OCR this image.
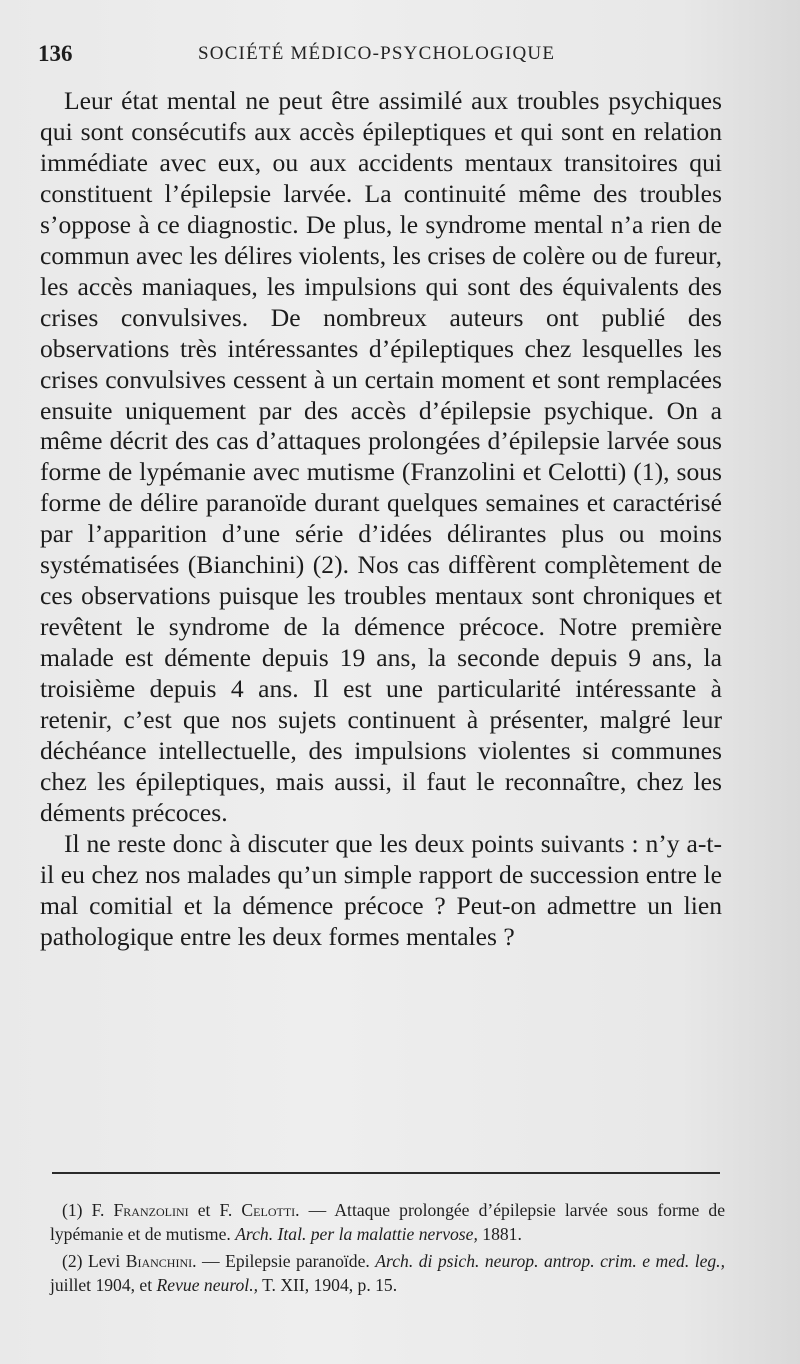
136	SOCIÉTÉ MÉDICO-PSYCHOLOGIQUE

Leur état mental ne peut être assimilé aux troubles psychiques qui sont consécutifs aux accès épileptiques et qui sont en relation immédiate avec eux, ou aux accidents mentaux transitoires qui constituent l’épilepsie larvée. La continuité même des troubles s’oppose à ce diagnostic. De plus, le syndrome mental n’a rien de commun avec les délires violents, les crises de colère ou de fureur, les accès maniaques, les impulsions qui sont des équivalents des crises convulsives. De nombreux auteurs ont publié des observations très intéressantes d’épileptiques chez lesquelles les crises convulsives cessent à un certain moment et sont remplacées ensuite uniquement par des accès d’épilepsie psychique. On a même décrit des cas d’attaques prolongées d’épilepsie larvée sous forme de lypémanie avec mutisme (Franzolini et Celotti) (1), sous forme de délire paranoïde durant quelques semaines et caractérisé par l’apparition d’une série d’idées délirantes plus ou moins systématisées (Bianchini) (2). Nos cas diffèrent complètement de ces observations puisque les troubles mentaux sont chroniques et revêtent le syndrome de la démence précoce. Notre première malade est démente depuis 19 ans, la seconde depuis 9 ans, la troisième depuis 4 ans. Il est une particularité intéressante à retenir, c’est que nos sujets continuent à présenter, malgré leur déchéance intellectuelle, des impulsions violentes si communes chez les épileptiques, mais aussi, il faut le reconnaître, chez les déments précoces.

Il ne reste donc à discuter que les deux points suivants : n’y a-t-il eu chez nos malades qu’un simple rapport de succession entre le mal comitial et la démence précoce ? Peut-on admettre un lien pathologique entre les deux formes mentales ?

(1) F. Franzolini et F. Celotti. — Attaque prolongée d’épilepsie larvée sous forme de lypémanie et de mutisme. Arch. Ital. per la malattie nervose, 1881.

(2) Levi Bianchini. — Epilepsie paranoïde. Arch. di psich. neurop. antrop. crim. e med. leg., juillet 1904, et Revue neurol., T. XII, 1904, p. 15.
